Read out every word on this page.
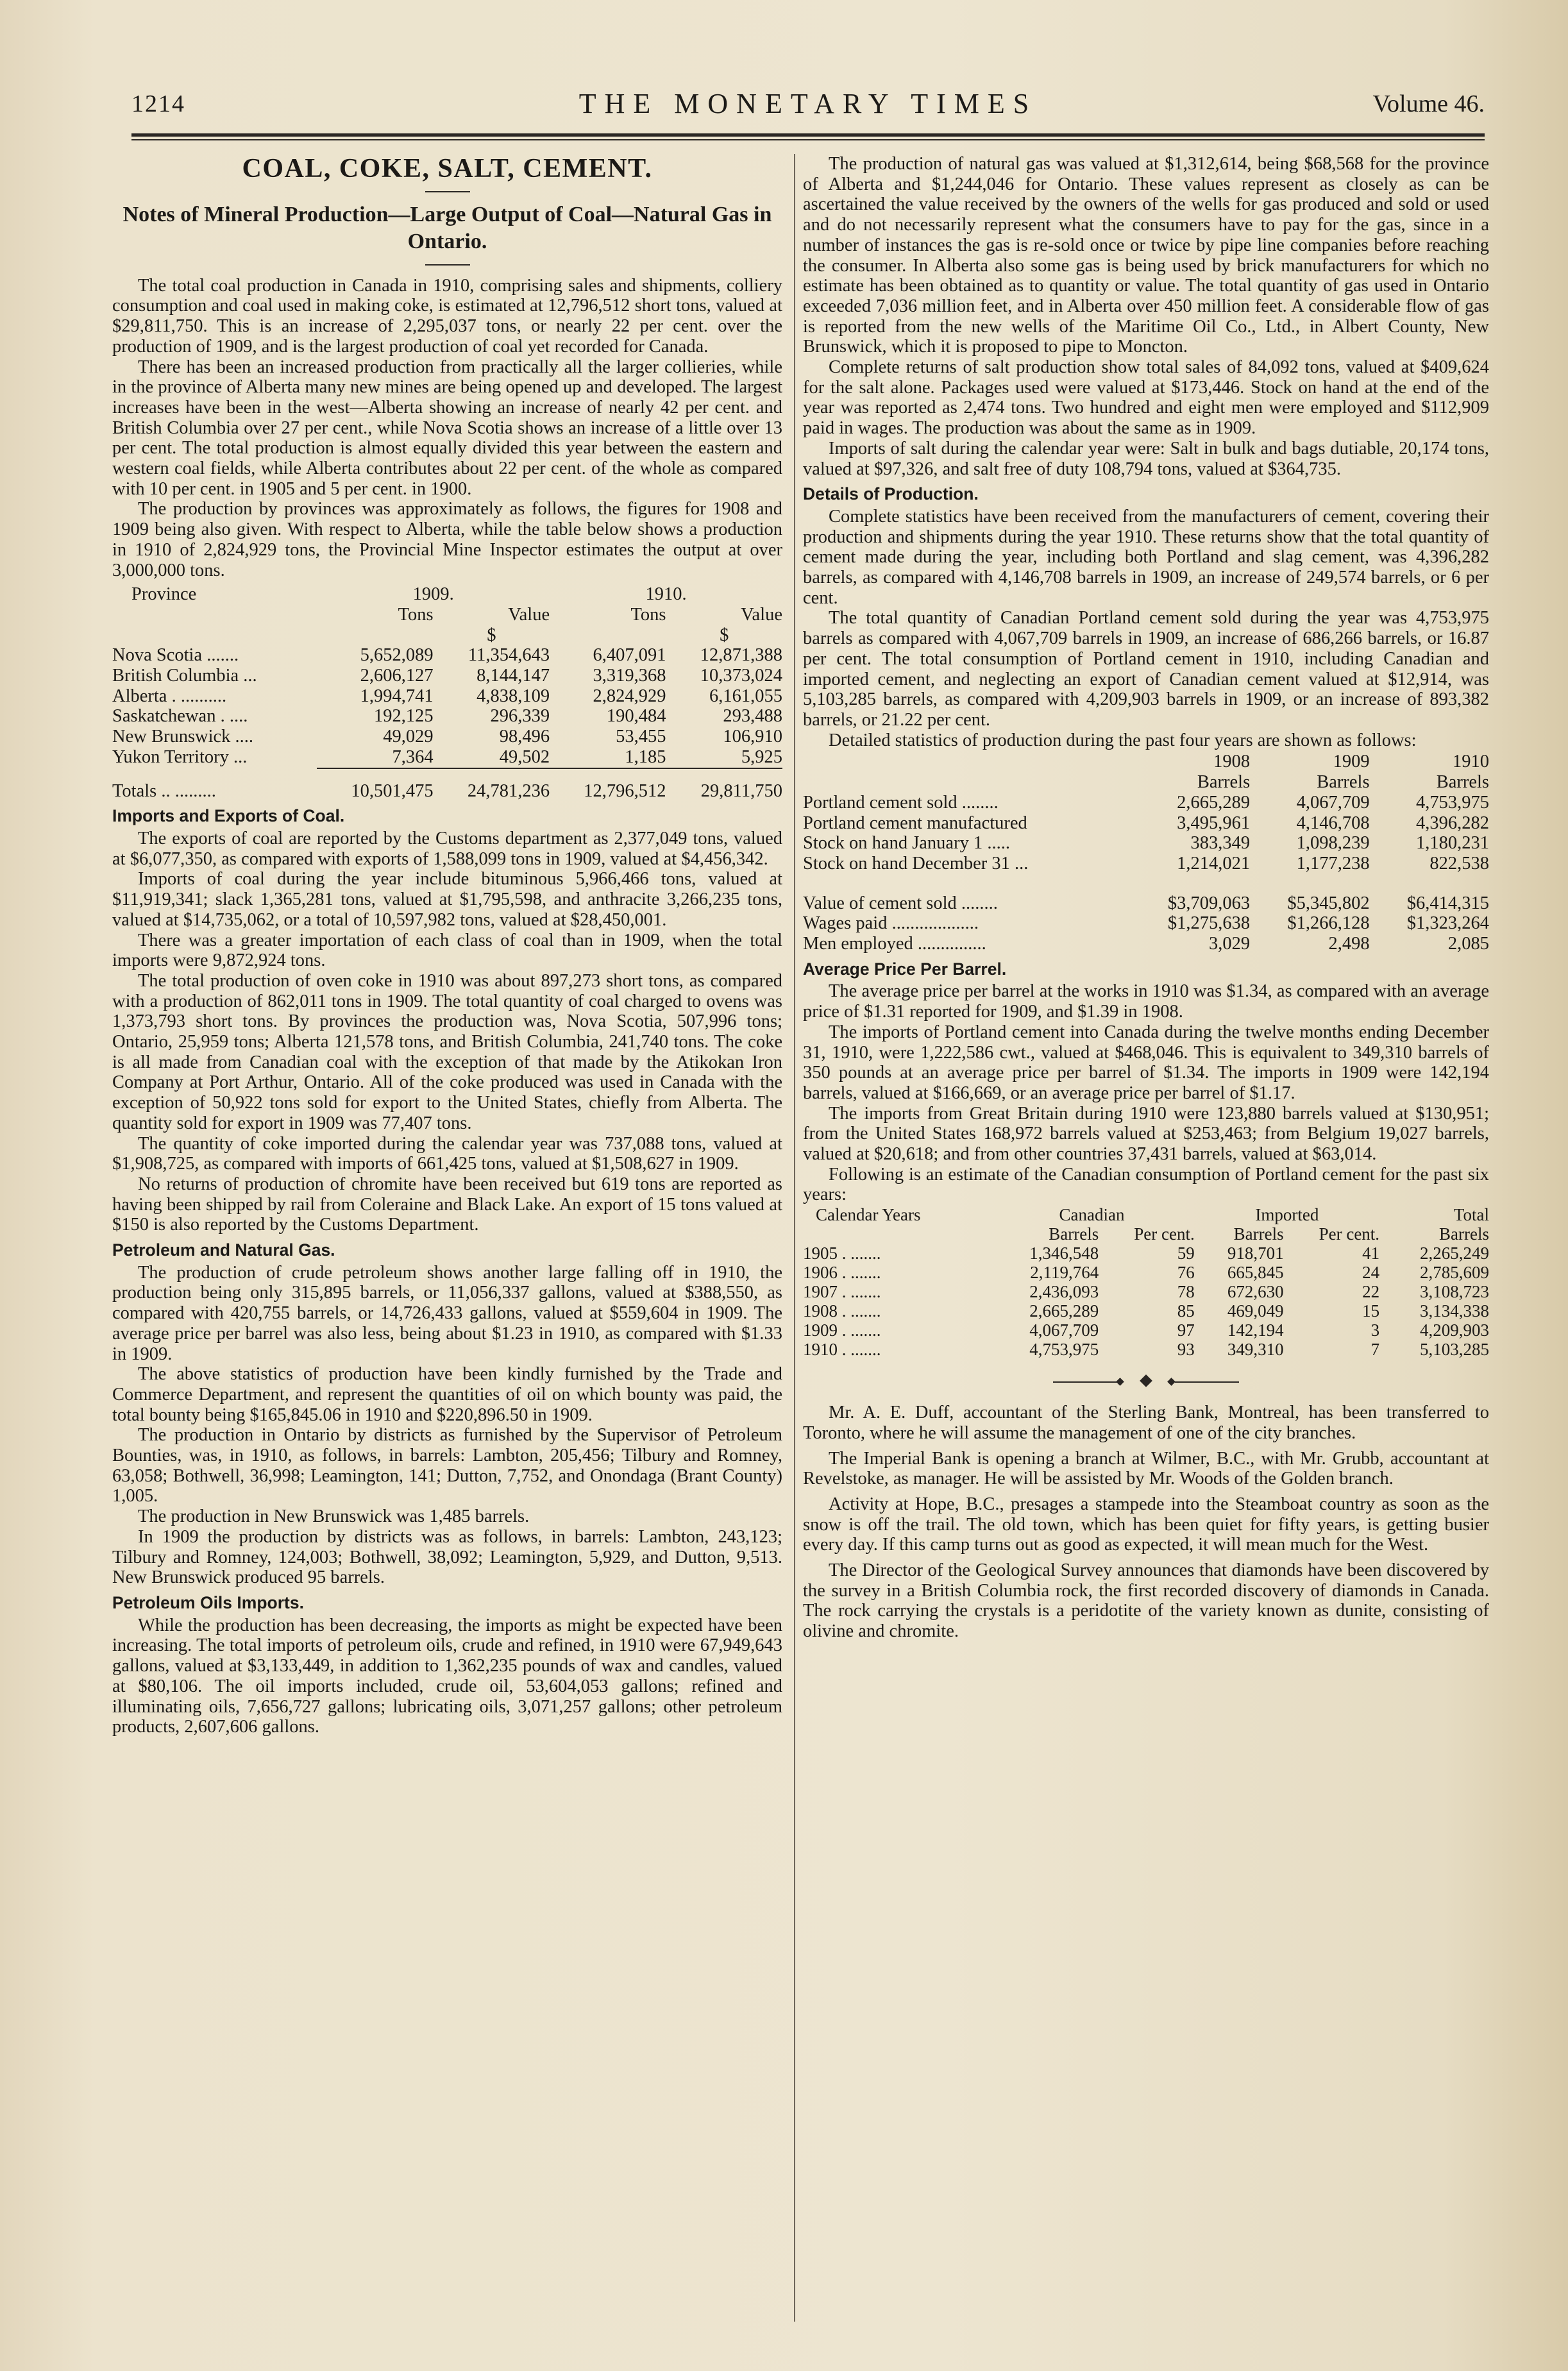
1214	THE MONETARY TIMES	Volume 46.
COAL, COKE, SALT, CEMENT.
Notes of Mineral Production—Large Output of Coal—Natural Gas in Ontario.

The total coal production in Canada in 1910, comprising sales and shipments, colliery consumption and coal used in making coke, is estimated at 12,796,512 short tons, valued at $29,811,750. This is an increase of 2,295,037 tons, or nearly 22 per cent. over the production of 1909, and is the largest production of coal yet recorded for Canada.

There has been an increased production from practically all the larger collieries, while in the province of Alberta many new mines are being opened up and developed. The largest increases have been in the west—Alberta showing an increase of nearly 42 per cent. and British Columbia over 27 per cent., while Nova Scotia shows an increase of a little over 13 per cent. The total production is almost equally divided this year between the eastern and western coal fields, while Alberta contributes about 22 per cent. of the whole as compared with 10 per cent. in 1905 and 5 per cent. in 1900.

The production by provinces was approximately as follows, the figures for 1908 and 1909 being also given. With respect to Alberta, while the table below shows a production in 1910 of 2,824,929 tons, the Provincial Mine Inspector estimates the output at over 3,000,000 tons.

Province	1909.		1910.	
	Tons	Value	Tons	Value
		$		$
Nova Scotia .......	5,652,089	11,354,643	6,407,091	12,871,388
British Columbia ...	2,606,127	8,144,147	3,319,368	10,373,024
Alberta . ..........	1,994,741	4,838,109	2,824,929	6,161,055
Saskatchewan . ....	192,125	296,339	190,484	293,488
New Brunswick ....	49,029	98,496	53,455	106,910
Yukon Territory ...	7,364	49,502	1,185	5,925

Totals .. .........	10,501,475	24,781,236	12,796,512	29,811,750
Imports and Exports of Coal.

The exports of coal are reported by the Customs department as 2,377,049 tons, valued at $6,077,350, as compared with exports of 1,588,099 tons in 1909, valued at $4,456,342.

Imports of coal during the year include bituminous 5,966,466 tons, valued at $11,919,341; slack 1,365,281 tons, valued at $1,795,598, and anthracite 3,266,235 tons, valued at $14,735,062, or a total of 10,597,982 tons, valued at $28,450,001.

There was a greater importation of each class of coal than in 1909, when the total imports were 9,872,924 tons.

The total production of oven coke in 1910 was about 897,273 short tons, as compared with a production of 862,011 tons in 1909. The total quantity of coal charged to ovens was 1,373,793 short tons. By provinces the production was, Nova Scotia, 507,996 tons; Ontario, 25,959 tons; Alberta 121,578 tons, and British Columbia, 241,740 tons. The coke is all made from Canadian coal with the exception of that made by the Atikokan Iron Company at Port Arthur, Ontario. All of the coke produced was used in Canada with the exception of 50,922 tons sold for export to the United States, chiefly from Alberta. The quantity sold for export in 1909 was 77,407 tons.

The quantity of coke imported during the calendar year was 737,088 tons, valued at $1,908,725, as compared with imports of 661,425 tons, valued at $1,508,627 in 1909.

No returns of production of chromite have been received but 619 tons are reported as having been shipped by rail from Coleraine and Black Lake. An export of 15 tons valued at $150 is also reported by the Customs Department.

Petroleum and Natural Gas.

The production of crude petroleum shows another large falling off in 1910, the production being only 315,895 barrels, or 11,056,337 gallons, valued at $388,550, as compared with 420,755 barrels, or 14,726,433 gallons, valued at $559,604 in 1909. The average price per barrel was also less, being about $1.23 in 1910, as compared with $1.33 in 1909.

The above statistics of production have been kindly furnished by the Trade and Commerce Department, and represent the quantities of oil on which bounty was paid, the total bounty being $165,845.06 in 1910 and $220,896.50 in 1909.

The production in Ontario by districts as furnished by the Supervisor of Petroleum Bounties, was, in 1910, as follows, in barrels: Lambton, 205,456; Tilbury and Romney, 63,058; Bothwell, 36,998; Leamington, 141; Dutton, 7,752, and Onondaga (Brant County) 1,005.

The production in New Brunswick was 1,485 barrels.

In 1909 the production by districts was as follows, in barrels: Lambton, 243,123; Tilbury and Romney, 124,003; Bothwell, 38,092; Leamington, 5,929, and Dutton, 9,513. New Brunswick produced 95 barrels.

Petroleum Oils Imports.

While the production has been decreasing, the imports as might be expected have been increasing. The total imports of petroleum oils, crude and refined, in 1910 were 67,949,643 gallons, valued at $3,133,449, in addition to 1,362,235 pounds of wax and candles, valued at $80,106. The oil imports included, crude oil, 53,604,053 gallons; refined and illuminating oils, 7,656,727 gallons; lubricating oils, 3,071,257 gallons; other petroleum products, 2,607,606 gallons.

The production of natural gas was valued at $1,312,614, being $68,568 for the province of Alberta and $1,244,046 for Ontario. These values represent as closely as can be ascertained the value received by the owners of the wells for gas produced and sold or used and do not necessarily represent what the consumers have to pay for the gas, since in a number of instances the gas is re-sold once or twice by pipe line companies before reaching the consumer. In Alberta also some gas is being used by brick manufacturers for which no estimate has been obtained as to quantity or value. The total quantity of gas used in Ontario exceeded 7,036 million feet, and in Alberta over 450 million feet. A considerable flow of gas is reported from the new wells of the Maritime Oil Co., Ltd., in Albert County, New Brunswick, which it is proposed to pipe to Moncton.

Complete returns of salt production show total sales of 84,092 tons, valued at $409,624 for the salt alone. Packages used were valued at $173,446. Stock on hand at the end of the year was reported as 2,474 tons. Two hundred and eight men were employed and $112,909 paid in wages. The production was about the same as in 1909.

Imports of salt during the calendar year were: Salt in bulk and bags dutiable, 20,174 tons, valued at $97,326, and salt free of duty 108,794 tons, valued at $364,735.

Details of Production.

Complete statistics have been received from the manufacturers of cement, covering their production and shipments during the year 1910. These returns show that the total quantity of cement made during the year, including both Portland and slag cement, was 4,396,282 barrels, as compared with 4,146,708 barrels in 1909, an increase of 249,574 barrels, or 6 per cent.

The total quantity of Canadian Portland cement sold during the year was 4,753,975 barrels as compared with 4,067,709 barrels in 1909, an increase of 686,266 barrels, or 16.87 per cent. The total consumption of Portland cement in 1910, including Canadian and imported cement, and neglecting an export of Canadian cement valued at $12,914, was 5,103,285 barrels, as compared with 4,209,903 barrels in 1909, or an increase of 893,382 barrels, or 21.22 per cent.

Detailed statistics of production during the past four years are shown as follows:

	1908	1909	1910
	Barrels	Barrels	Barrels
Portland cement sold ........	2,665,289	4,067,709	4,753,975
Portland cement manufactured	3,495,961	4,146,708	4,396,282
Stock on hand January 1 .....	383,349	1,098,239	1,180,231
Stock on hand December 31 ...	1,214,021	1,177,238	822,538

Value of cement sold ........	$3,709,063	$5,345,802	$6,414,315
Wages paid ...................	$1,275,638	$1,266,128	$1,323,264
Men employed ...............	3,029	2,498	2,085
Average Price Per Barrel.

The average price per barrel at the works in 1910 was $1.34, as compared with an average price of $1.31 reported for 1909, and $1.39 in 1908.

The imports of Portland cement into Canada during the twelve months ending December 31, 1910, were 1,222,586 cwt., valued at $468,046. This is equivalent to 349,310 barrels of 350 pounds at an average price per barrel of $1.34. The imports in 1909 were 142,194 barrels, valued at $166,669, or an average price per barrel of $1.17.

The imports from Great Britain during 1910 were 123,880 barrels valued at $130,951; from the United States 168,972 barrels valued at $253,463; from Belgium 19,027 barrels, valued at $20,618; and from other countries 37,431 barrels, valued at $63,014.

Following is an estimate of the Canadian consumption of Portland cement for the past six years:

Calendar Years	Canadian		Imported		Total
	Barrels	Per cent.	Barrels	Per cent.	Barrels
1905 . .......	1,346,548	59	918,701	41	2,265,249
1906 . .......	2,119,764	76	665,845	24	2,785,609
1907 . .......	2,436,093	78	672,630	22	3,108,723
1908 . .......	2,665,289	85	469,049	15	3,134,338
1909 . .......	4,067,709	97	142,194	3	4,209,903
1910 . .......	4,753,975	93	349,310	7	5,103,285

Mr. A. E. Duff, accountant of the Sterling Bank, Montreal, has been transferred to Toronto, where he will assume the management of one of the city branches.

The Imperial Bank is opening a branch at Wilmer, B.C., with Mr. Grubb, accountant at Revelstoke, as manager. He will be assisted by Mr. Woods of the Golden branch.

Activity at Hope, B.C., presages a stampede into the Steamboat country as soon as the snow is off the trail. The old town, which has been quiet for fifty years, is getting busier every day. If this camp turns out as good as expected, it will mean much for the West.

The Director of the Geological Survey announces that diamonds have been discovered by the survey in a British Columbia rock, the first recorded discovery of diamonds in Canada. The rock carrying the crystals is a peridotite of the variety known as dunite, consisting of olivine and chromite.
